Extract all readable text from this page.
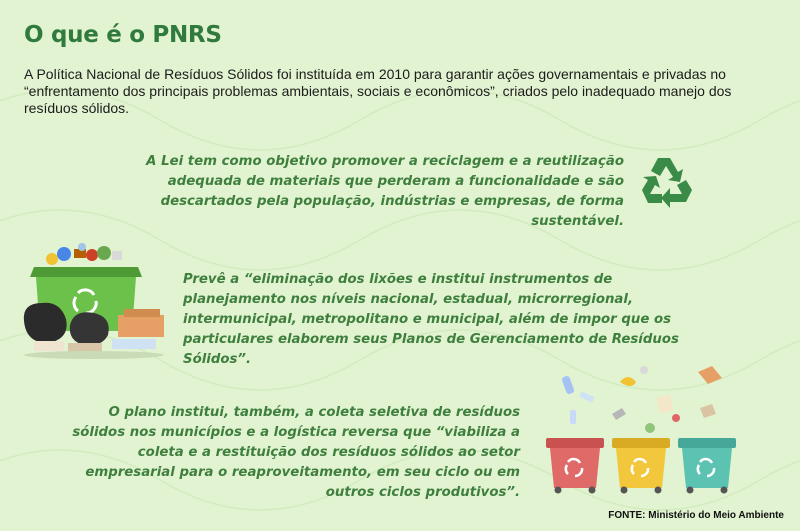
O que é o PNRS

A Política Nacional de Resíduos Sólidos foi instituída em 2010 para garantir ações governamentais e privadas no “enfrentamento dos principais problemas ambientais, sociais e econômicos”, criados pelo inadequado manejo dos resíduos sólidos.

A Lei tem como objetivo promover a reciclagem e a reutilização adequada de materiais que perderam a funcionalidade e são descartados pela população, indústrias e empresas, de forma sustentável.

Prevê a “eliminação dos lixões e institui instrumentos de planejamento nos níveis nacional, estadual, microrregional, intermunicipal, metropolitano e municipal, além de impor que os particulares elaborem seus Planos de Gerenciamento de Resíduos Sólidos”.

O plano institui, também, a coleta seletiva de resíduos sólidos nos municípios e a logística reversa que “viabiliza a coleta e a restituição dos resíduos sólidos ao setor empresarial para o reaproveitamento, em seu ciclo ou em outros ciclos produtivos”.

FONTE: Ministério do Meio Ambiente
